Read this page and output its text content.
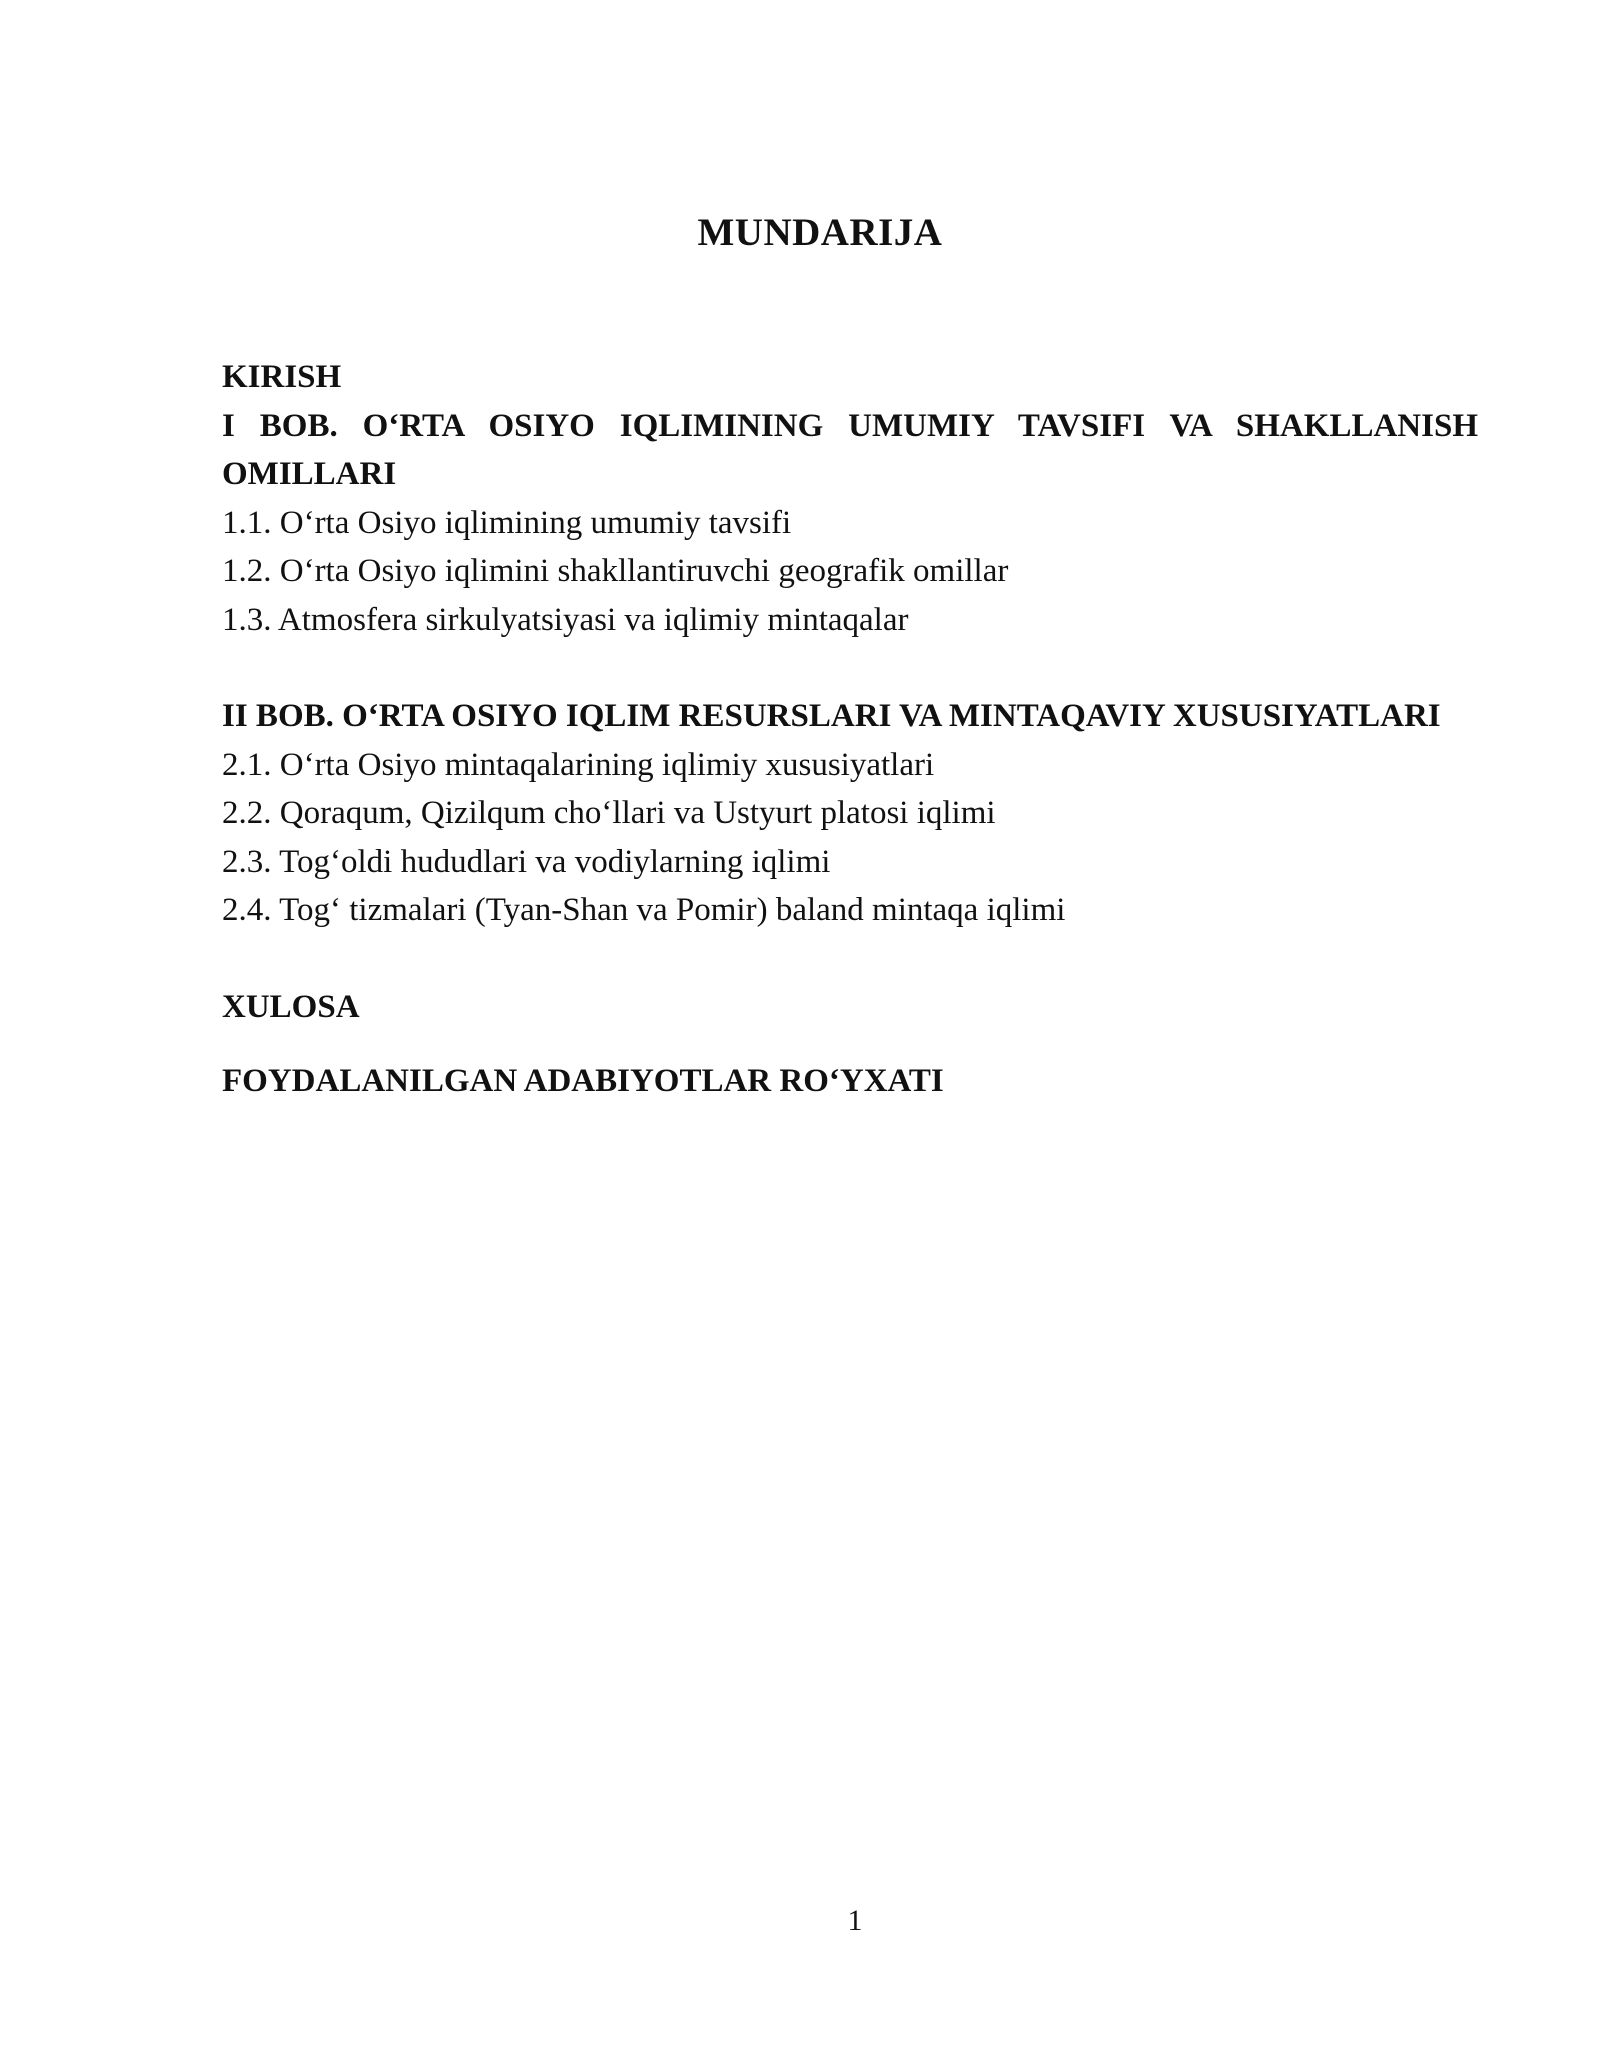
MUNDARIJA
KIRISH
I BOB. O‘RTA OSIYO IQLIMINING UMUMIY TAVSIFI VA SHAKLLANISH OMILLARI
1.1. O‘rta Osiyo iqlimining umumiy tavsifi
1.2. O‘rta Osiyo iqlimini shakllantiruvchi geografik omillar
1.3. Atmosfera sirkulyatsiyasi va iqlimiy mintaqalar
II BOB. O‘RTA OSIYO IQLIM RESURSLARI VA MINTAQAVIY XUSUSIYATLARI
2.1. O‘rta Osiyo mintaqalarining iqlimiy xususiyatlari
2.2. Qoraqum, Qizilqum cho‘llari va Ustyurt platosi iqlimi
2.3. Tog‘oldi hududlari va vodiylarning iqlimi
2.4. Tog‘ tizmalari (Tyan-Shan va Pomir) baland mintaqa iqlimi
XULOSA
FOYDALANILGAN ADABIYOTLAR RO‘YXATI
1
